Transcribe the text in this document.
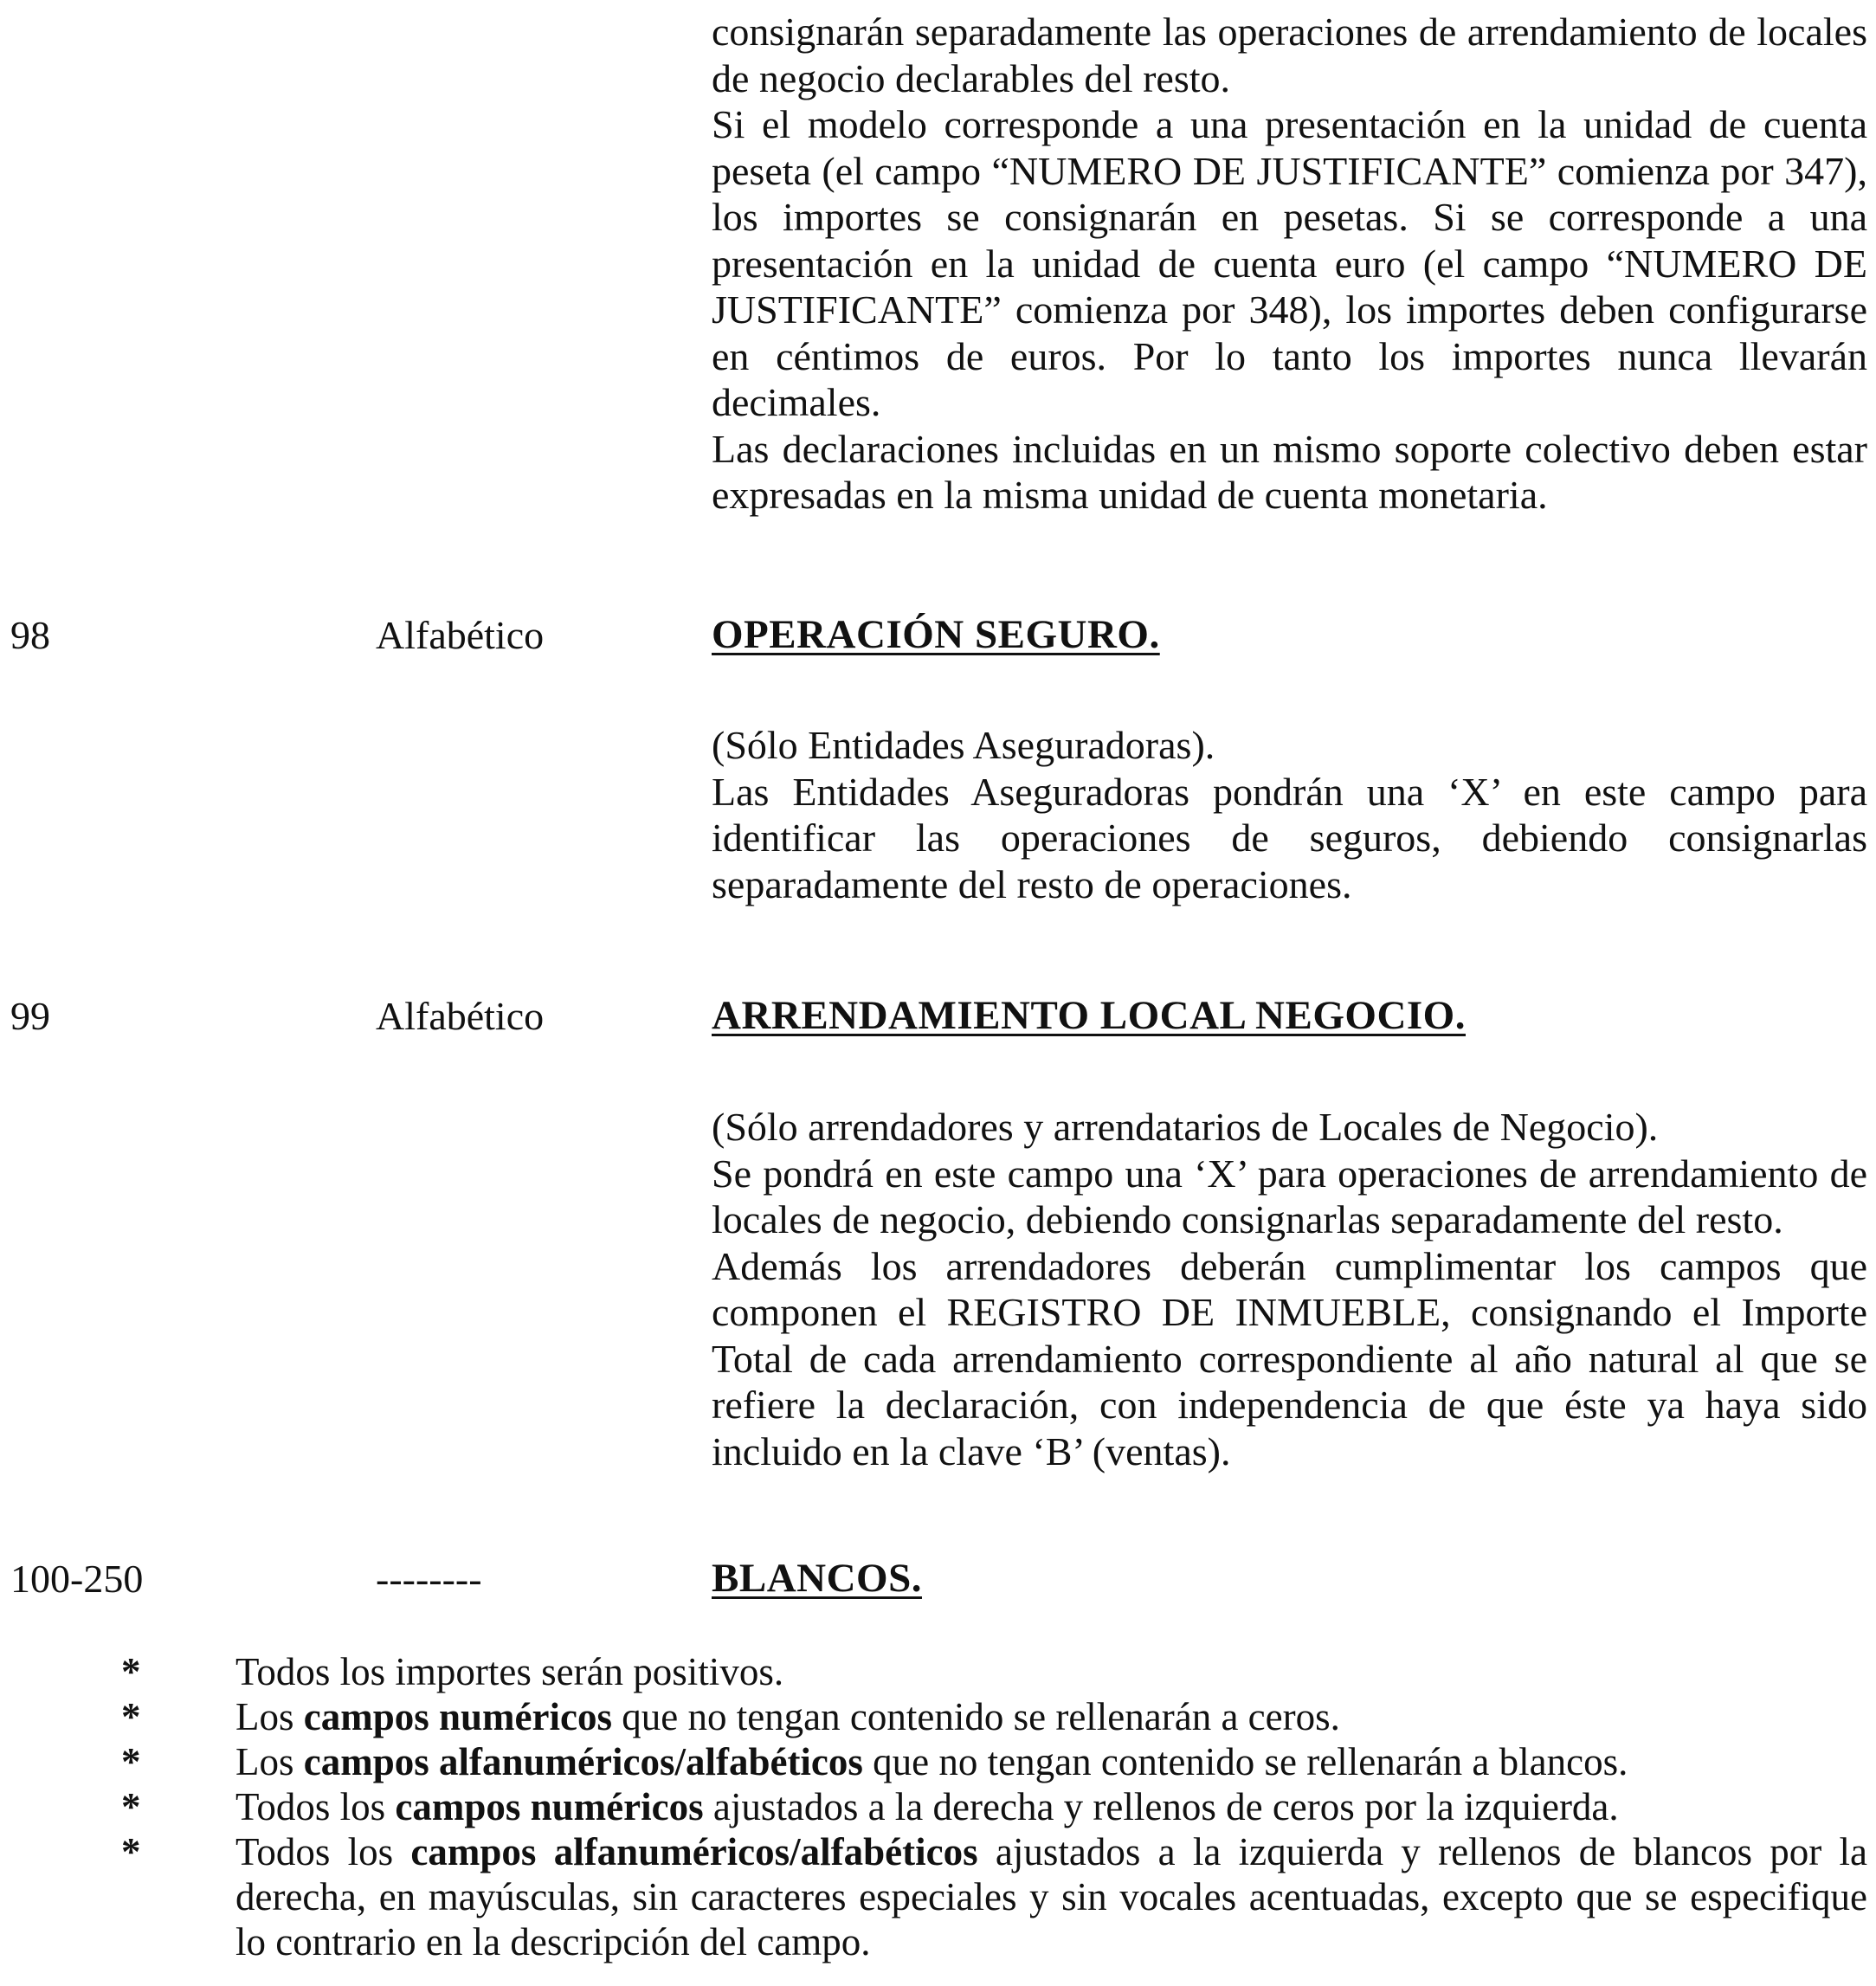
consignarán separadamente las operaciones de arrendamiento de locales de negocio declarables del resto.

Si el modelo corresponde a una presentación en la unidad de cuenta peseta (el campo “NUMERO DE JUSTIFICANTE” comienza por 347), los importes se consignarán en pesetas. Si se corresponde a una presentación en la unidad de cuenta euro (el campo “NUMERO DE JUSTIFICANTE” comienza por 348), los importes deben configurarse en céntimos de euros. Por lo tanto los importes nunca llevarán decimales.

Las declaraciones incluidas en un mismo soporte colectivo deben estar expresadas en la misma unidad de cuenta monetaria.

98	Alfabético	OPERACIÓN SEGURO.

(Sólo Entidades Aseguradoras).

Las Entidades Aseguradoras pondrán una ‘X’ en este campo para identificar las operaciones de seguros, debiendo consignarlas separadamente del resto de operaciones.

99	Alfabético	ARRENDAMIENTO LOCAL NEGOCIO.

(Sólo arrendadores y arrendatarios de Locales de Negocio).

Se pondrá en este campo una ‘X’ para operaciones de arrendamiento de locales de negocio, debiendo consignarlas separadamente del resto.

Además los arrendadores deberán cumplimentar los campos que componen el REGISTRO DE INMUEBLE, consignando el Importe Total de cada arrendamiento correspondiente al año natural al que se refiere la declaración, con independencia de que éste ya haya sido incluido en la clave ‘B’ (ventas).

100-250	--------	BLANCOS.
* Todos los importes serán positivos.
* Los campos numéricos que no tengan contenido se rellenarán a ceros.
* Los campos alfanuméricos/alfabéticos que no tengan contenido se rellenarán a blancos.
* Todos los campos numéricos ajustados a la derecha y rellenos de ceros por la izquierda.
* Todos los campos alfanuméricos/alfabéticos ajustados a la izquierda y rellenos de blancos por la derecha, en mayúsculas, sin caracteres especiales y sin vocales acentuadas, excepto que se especifique lo contrario en la descripción del campo.
